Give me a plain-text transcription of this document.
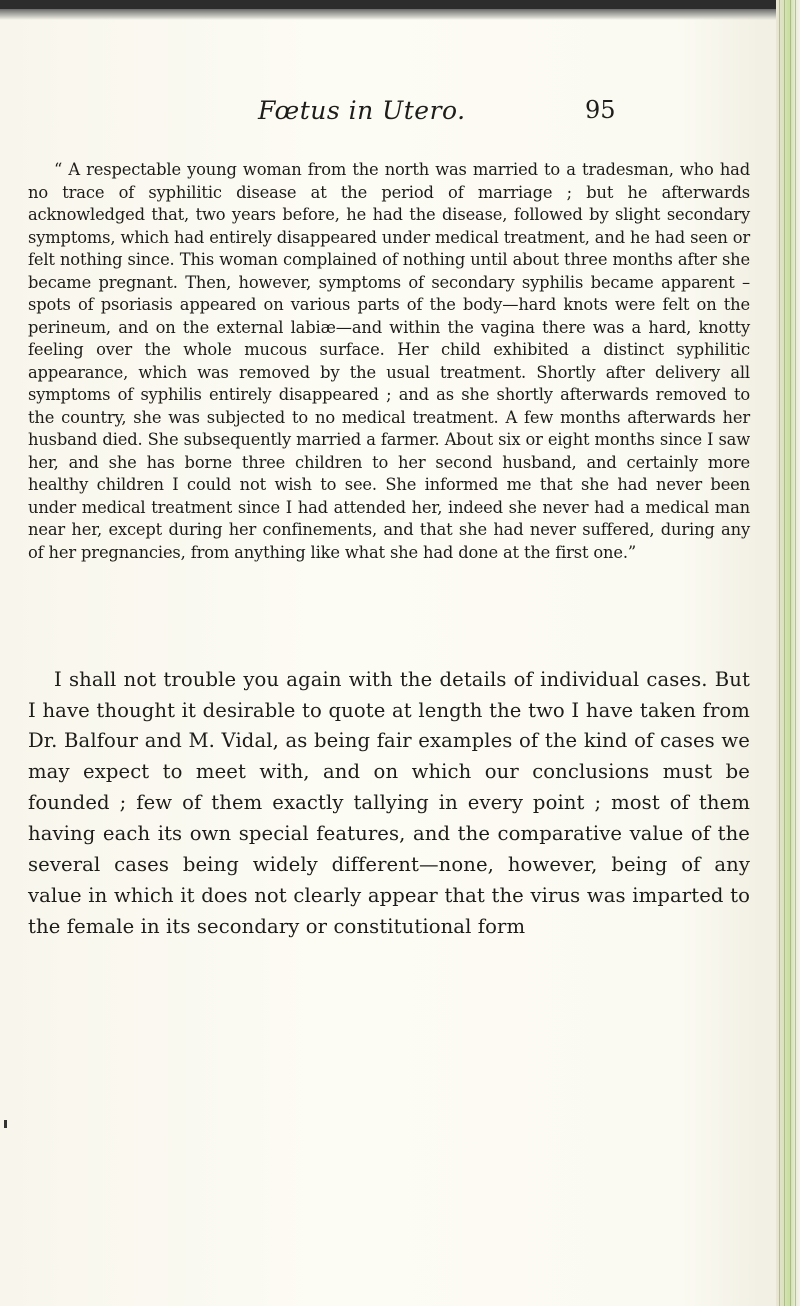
Fœtus in Utero.	95

“ A respectable young woman from the north was married to a tradesman, who had no trace of syphilitic disease at the period of marriage ; but he afterwards acknowledged that, two years before, he had the disease, followed by slight secondary symptoms, which had entirely disappeared under medical treatment, and he had seen or felt nothing since. This woman complained of nothing until about three months after she became pregnant. Then, however, symptoms of secondary syphilis became apparent – spots of psoriasis appeared on various parts of the body—hard knots were felt on the perineum, and on the external labiæ—and within the vagina there was a hard, knotty feeling over the whole mucous surface. Her child exhibited a distinct syphilitic appearance, which was removed by the usual treatment. Shortly after delivery all symptoms of syphilis entirely disappeared ; and as she shortly afterwards removed to the country, she was subjected to no medical treatment. A few months afterwards her husband died. She subsequently married a farmer. About six or eight months since I saw her, and she has borne three children to her second husband, and certainly more healthy children I could not wish to see. She informed me that she had never been under medical treatment since I had attended her, indeed she never had a medical man near her, except during her confinements, and that she had never suffered, during any of her pregnancies, from anything like what she had done at the first one.”

I shall not trouble you again with the details of individual cases. But I have thought it desirable to quote at length the two I have taken from Dr. Balfour and M. Vidal, as being fair examples of the kind of cases we may expect to meet with, and on which our conclusions must be founded ; few of them exactly tallying in every point ; most of them having each its own special features, and the comparative value of the several cases being widely different—none, however, being of any value in which it does not clearly appear that the virus was imparted to the female in its secondary or constitutional form
